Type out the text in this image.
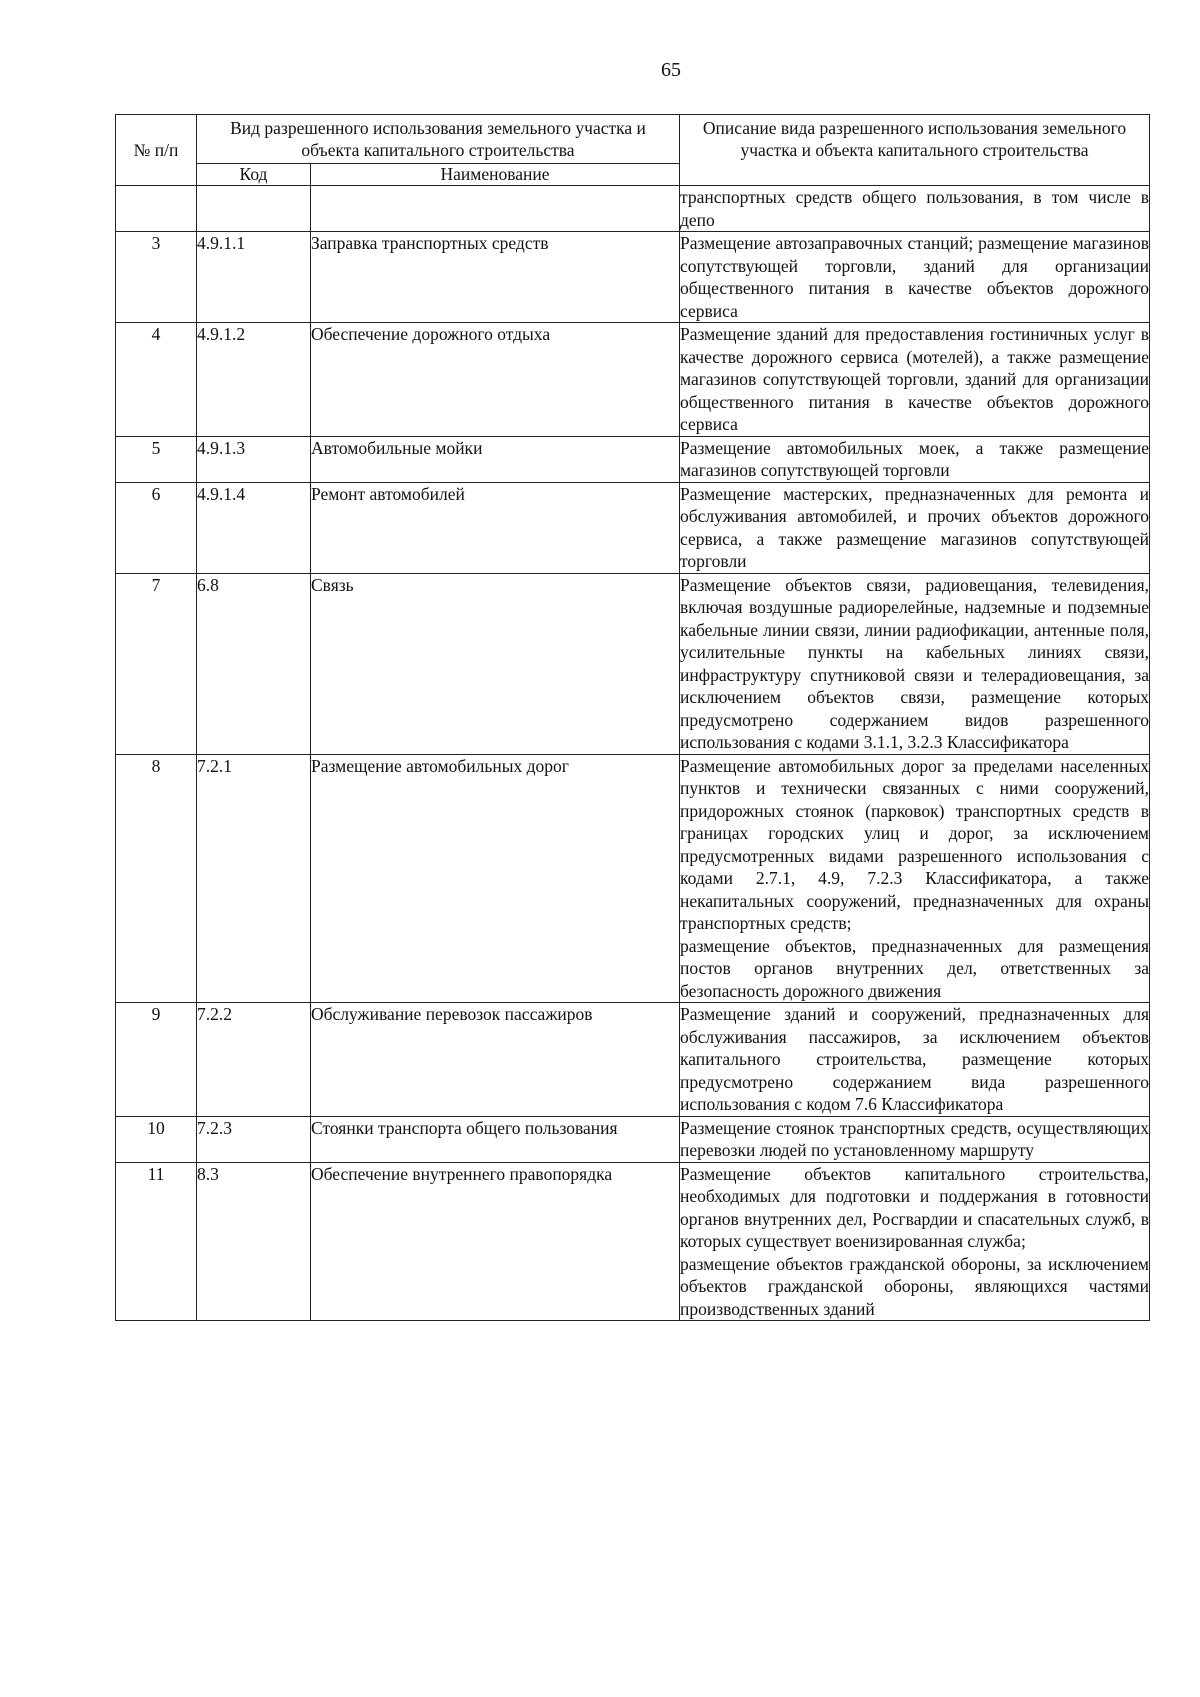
65
№ п/п	Вид разрешенного использования земельного участка и объекта капитального строительства		Описание вида разрешенного использования земельного участка и объекта капитального строительства
	Код	Наименование	

			транспортных средств общего пользования, в том числе в депо

3	4.9.1.1	Заправка транспортных средств	Размещение автозаправочных станций; размещение магазинов сопутствующей торговли, зданий для организации общественного питания в качестве объектов дорожного сервиса

4	4.9.1.2	Обеспечение дорожного отдыха	Размещение зданий для предоставления гостиничных услуг в качестве дорожного сервиса (мотелей), а также размещение магазинов сопутствующей торговли, зданий для организации общественного питания в качестве объектов дорожного сервиса

5	4.9.1.3	Автомобильные мойки	Размещение автомобильных моек, а также размещение магазинов сопутствующей торговли

6	4.9.1.4	Ремонт автомобилей	Размещение мастерских, предназначенных для ремонта и обслуживания автомобилей, и прочих объектов дорожного сервиса, а также размещение магазинов сопутствующей торговли

7	6.8	Связь	Размещение объектов связи, радиовещания, телевидения, включая воздушные радиорелейные, надземные и подземные кабельные линии связи, линии радиофикации, антенные поля, усилительные пункты на кабельных линиях связи, инфраструктуру спутниковой связи и телерадиовещания, за исключением объектов связи, размещение которых предусмотрено содержанием видов разрешенного использования с кодами 3.1.1, 3.2.3 Классификатора

8	7.2.1	Размещение автомобильных дорог	Размещение автомобильных дорог за пределами населенных пунктов и технически связанных с ними сооружений, придорожных стоянок (парковок) транспортных средств в границах городских улиц и дорог, за исключением предусмотренных видами разрешенного использования с кодами 2.7.1, 4.9, 7.2.3 Классификатора, а также некапитальных сооружений, предназначенных для охраны транспортных средств;
размещение объектов, предназначенных для размещения постов органов внутренних дел, ответственных за безопасность дорожного движения

9	7.2.2	Обслуживание перевозок пассажиров	Размещение зданий и сооружений, предназначенных для обслуживания пассажиров, за исключением объектов капитального строительства, размещение которых предусмотрено содержанием вида разрешенного использования с кодом 7.6 Классификатора

10	7.2.3	Стоянки транспорта общего пользования	Размещение стоянок транспортных средств, осуществляющих перевозки людей по установленному маршруту

11	8.3	Обеспечение внутреннего правопорядка	Размещение объектов капитального строительства, необходимых для подготовки и поддержания в готовности органов внутренних дел, Росгвардии и спасательных служб, в которых существует военизированная служба;
размещение объектов гражданской обороны, за исключением объектов гражданской обороны, являющихся частями производственных зданий
